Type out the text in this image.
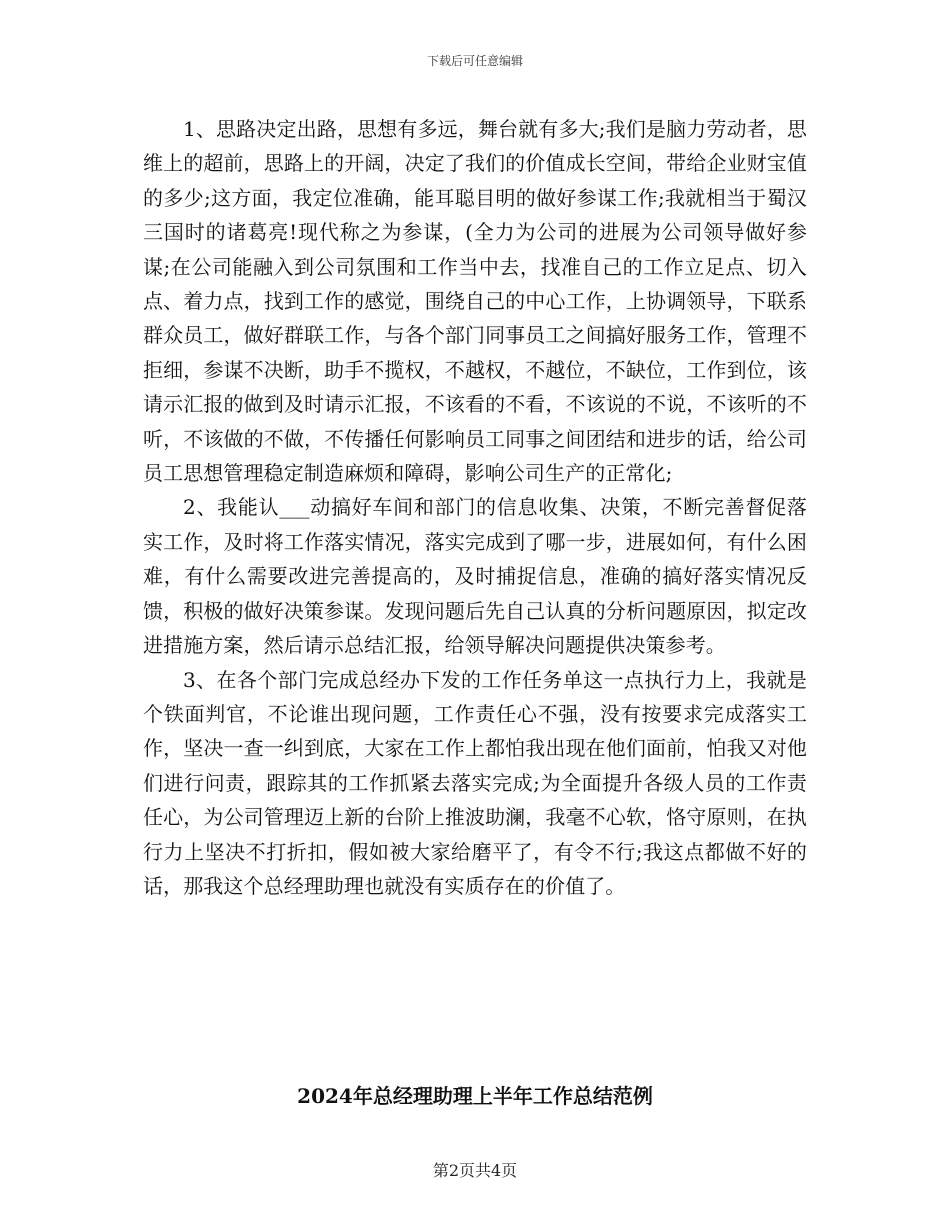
下载后可任意编辑

1、思路决定出路，思想有多远，舞台就有多大;我们是脑力劳动者，思维上的超前，思路上的开阔，决定了我们的价值成长空间，带给企业财宝值的多少;这方面，我定位准确，能耳聪目明的做好参谋工作;我就相当于蜀汉三国时的诸葛亮!现代称之为参谋，(全力为公司的进展为公司领导做好参谋;在公司能融入到公司氛围和工作当中去，找准自己的工作立足点、切入点、着力点，找到工作的感觉，围绕自己的中心工作，上协调领导，下联系群众员工，做好群联工作，与各个部门同事员工之间搞好服务工作，管理不拒细，参谋不决断，助手不揽权，不越权，不越位，不缺位，工作到位，该请示汇报的做到及时请示汇报，不该看的不看，不该说的不说，不该听的不听，不该做的不做，不传播任何影响员工同事之间团结和进步的话，给公司员工思想管理稳定制造麻烦和障碍，影响公司生产的正常化;

2、我能认___动搞好车间和部门的信息收集、决策，不断完善督促落实工作，及时将工作落实情况，落实完成到了哪一步，进展如何，有什么困难，有什么需要改进完善提高的，及时捕捉信息，准确的搞好落实情况反馈，积极的做好决策参谋。发现问题后先自己认真的分析问题原因，拟定改进措施方案，然后请示总结汇报，给领导解决问题提供决策参考。

3、在各个部门完成总经办下发的工作任务单这一点执行力上，我就是个铁面判官，不论谁出现问题，工作责任心不强，没有按要求完成落实工作，坚决一查一纠到底，大家在工作上都怕我出现在他们面前，怕我又对他们进行问责，跟踪其的工作抓紧去落实完成;为全面提升各级人员的工作责任心，为公司管理迈上新的台阶上推波助澜，我毫不心软，恪守原则，在执行力上坚决不打折扣，假如被大家给磨平了，有令不行;我这点都做不好的话，那我这个总经理助理也就没有实质存在的价值了。

2024年总经理助理上半年工作总结范例
第2页共4页
